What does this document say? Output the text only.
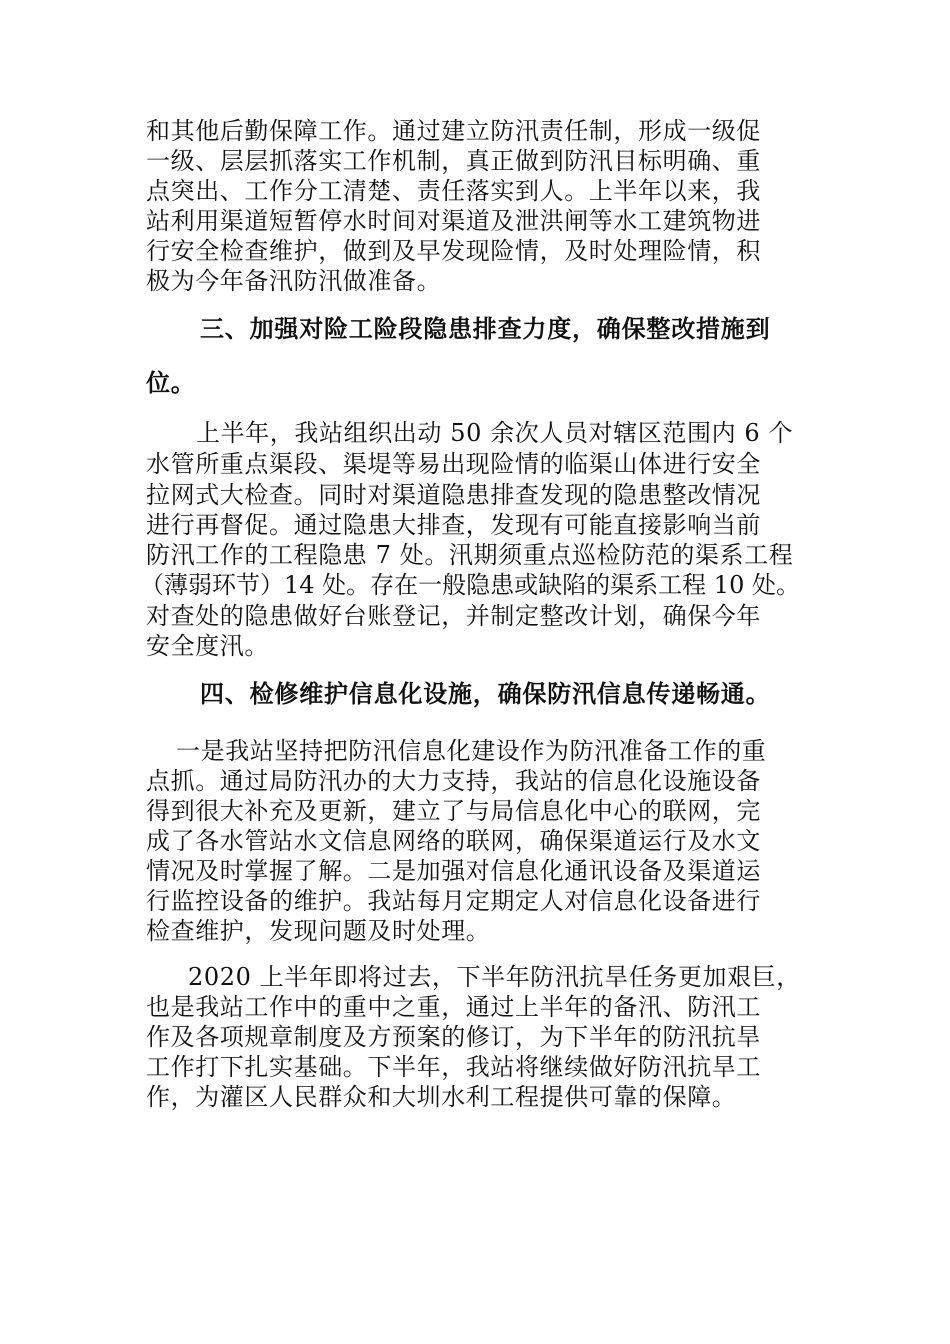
和其他后勤保障工作。通过建立防汛责任制，形成一级促
一级、层层抓落实工作机制，真正做到防汛目标明确、重
点突出、工作分工清楚、责任落实到人。上半年以来，我
站利用渠道短暂停水时间对渠道及泄洪闸等水工建筑物进
行安全检查维护，做到及早发现险情，及时处理险情，积
极为今年备汛防汛做准备。
三、加强对险工险段隐患排查力度，确保整改措施到
位。
上半年，我站组织出动 50 余次人员对辖区范围内 6 个
水管所重点渠段、渠堤等易出现险情的临渠山体进行安全
拉网式大检查。同时对渠道隐患排查发现的隐患整改情况
进行再督促。通过隐患大排查，发现有可能直接影响当前
防汛工作的工程隐患 7 处。汛期须重点巡检防范的渠系工程
（薄弱环节）14 处。存在一般隐患或缺陷的渠系工程 10 处。
对查处的隐患做好台账登记，并制定整改计划，确保今年
安全度汛。
四、检修维护信息化设施，确保防汛信息传递畅通。
一是我站坚持把防汛信息化建设作为防汛准备工作的重
点抓。通过局防汛办的大力支持，我站的信息化设施设备
得到很大补充及更新，建立了与局信息化中心的联网，完
成了各水管站水文信息网络的联网，确保渠道运行及水文
情况及时掌握了解。二是加强对信息化通讯设备及渠道运
行监控设备的维护。我站每月定期定人对信息化设备进行
检查维护，发现问题及时处理。
2020 上半年即将过去，下半年防汛抗旱任务更加艰巨，
也是我站工作中的重中之重，通过上半年的备汛、防汛工
作及各项规章制度及方预案的修订，为下半年的防汛抗旱
工作打下扎实基础。下半年，我站将继续做好防汛抗旱工
作，为灌区人民群众和大圳水利工程提供可靠的保障。
